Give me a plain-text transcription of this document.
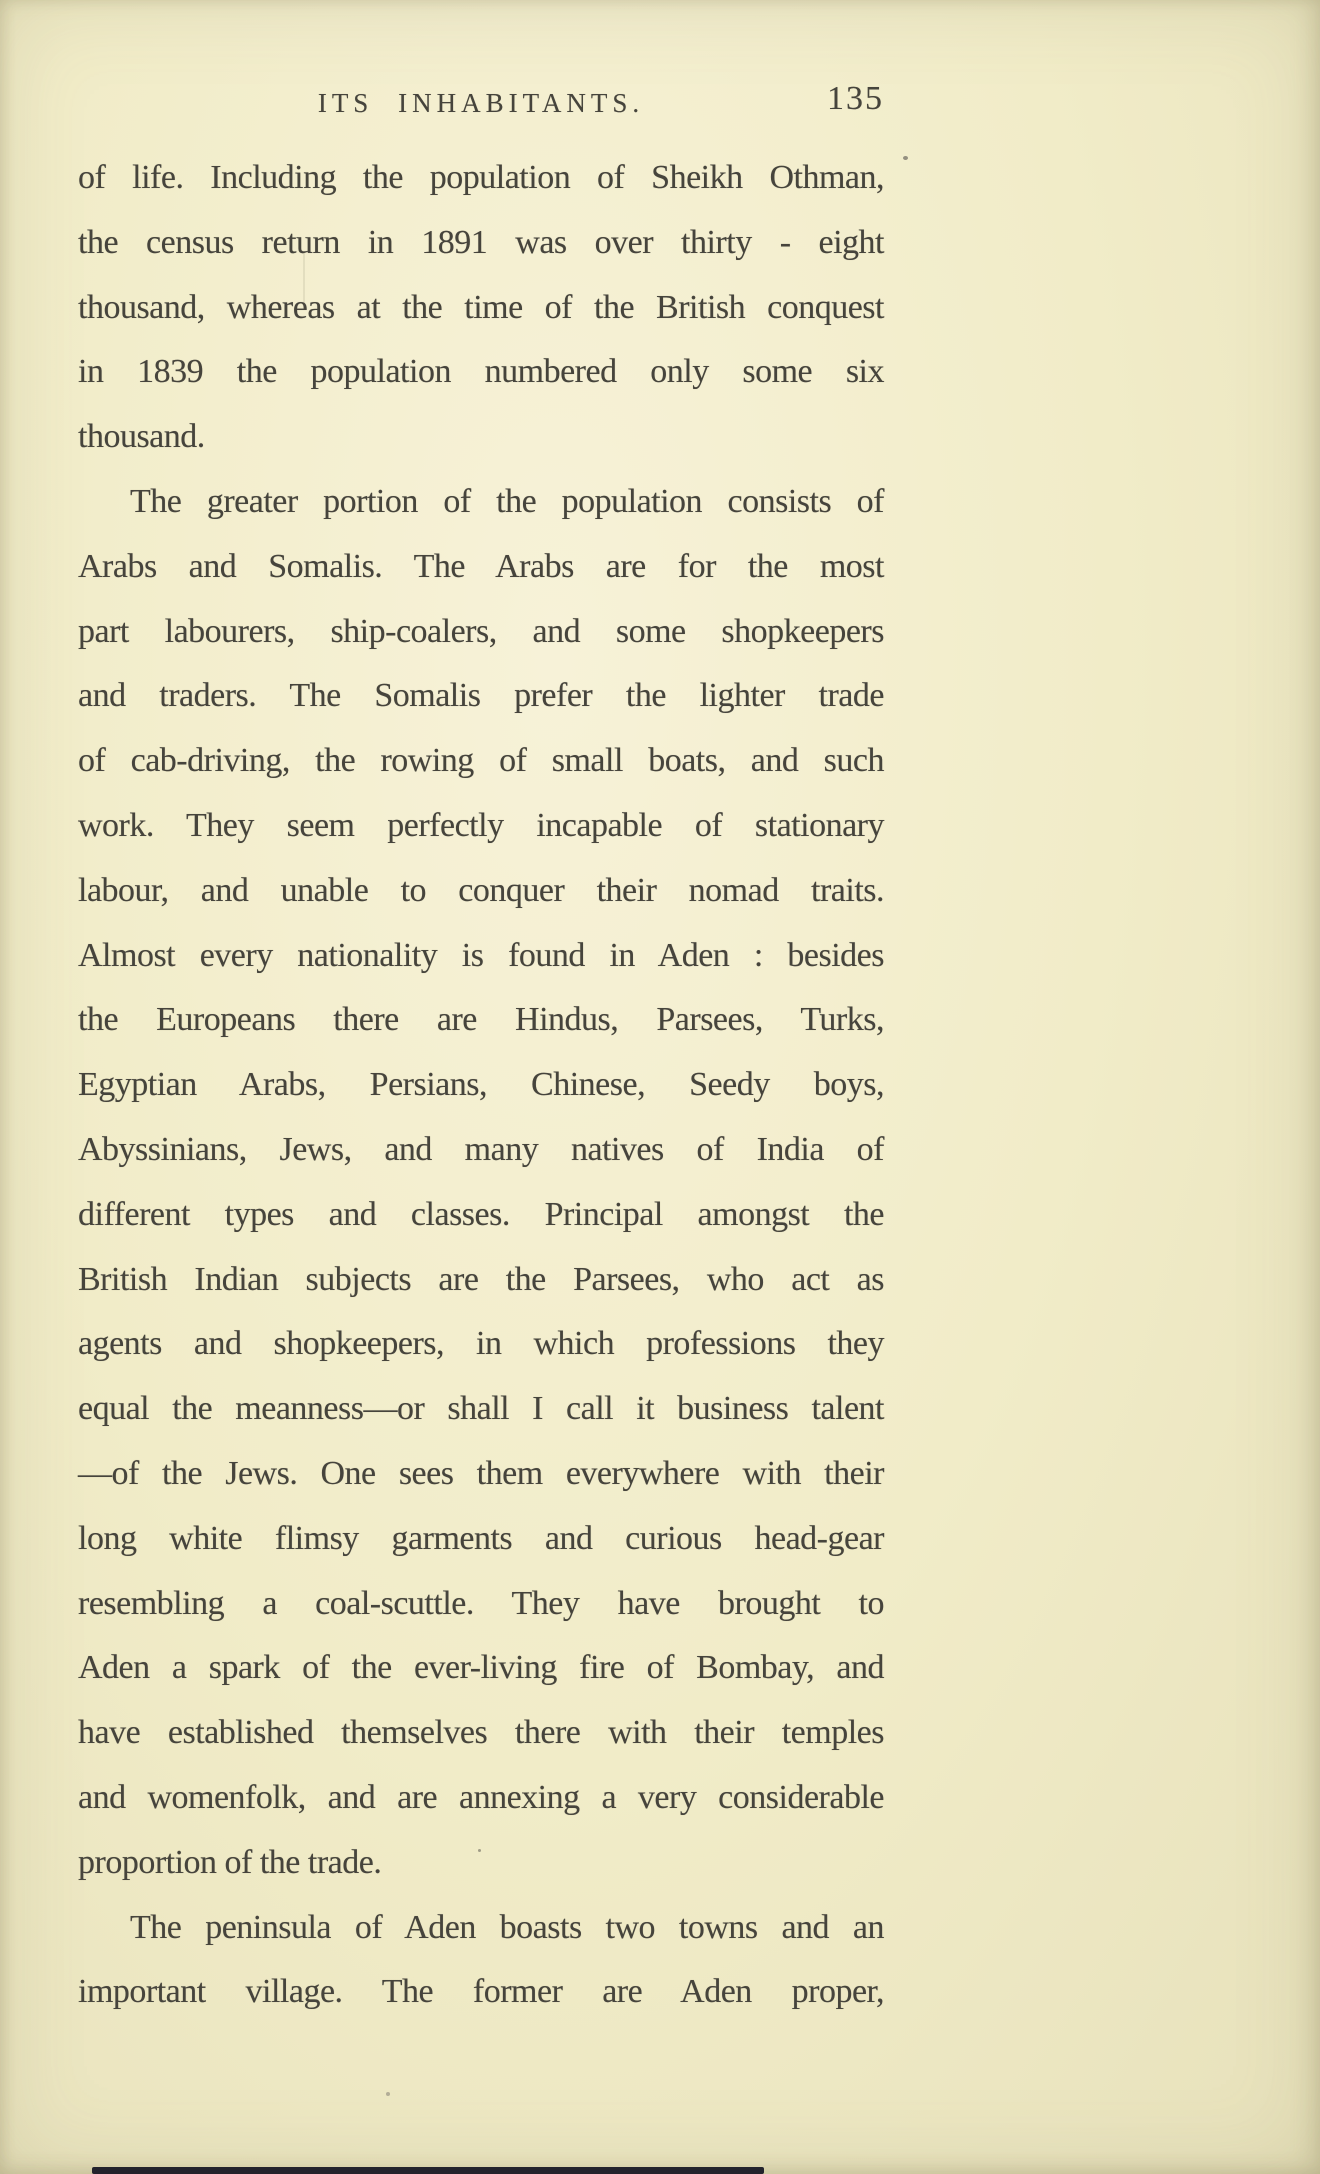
ITS INHABITANTS.	135
of life. Including the population of Sheikh Othman,
the census return in 1891 was over thirty - eight
thousand, whereas at the time of the British conquest
in 1839 the population numbered only some six
thousand.
The greater portion of the population consists of
Arabs and Somalis. The Arabs are for the most
part labourers, ship-coalers, and some shopkeepers
and traders. The Somalis prefer the lighter trade
of cab-driving, the rowing of small boats, and such
work. They seem perfectly incapable of stationary
labour, and unable to conquer their nomad traits.
Almost every nationality is found in Aden : besides
the Europeans there are Hindus, Parsees, Turks,
Egyptian Arabs, Persians, Chinese, Seedy boys,
Abyssinians, Jews, and many natives of India of
different types and classes. Principal amongst the
British Indian subjects are the Parsees, who act as
agents and shopkeepers, in which professions they
equal the meanness—or shall I call it business talent
—of the Jews. One sees them everywhere with their
long white flimsy garments and curious head-gear
resembling a coal-scuttle. They have brought to
Aden a spark of the ever-living fire of Bombay, and
have established themselves there with their temples
and womenfolk, and are annexing a very considerable
proportion of the trade.
The peninsula of Aden boasts two towns and an
important village. The former are Aden proper,
